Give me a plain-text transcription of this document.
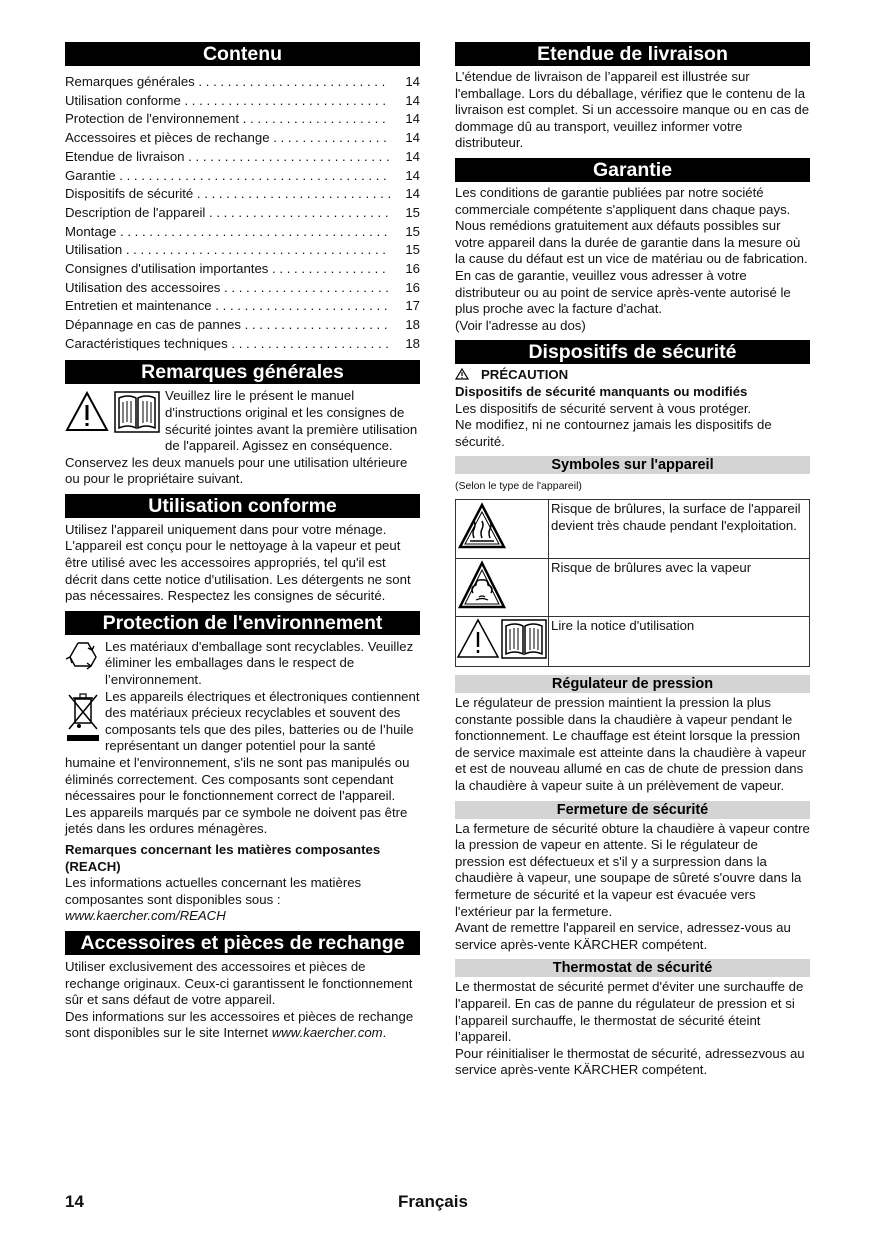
Contenu
Remarques générales . . .	14
Utilisation conforme . . .	14
Protection de l'environnement . . .	14
Accessoires et pièces de rechange . . .	14
Etendue de livraison . . .	14
Garantie . . .	14
Dispositifs de sécurité . . .	14
Description de l'appareil . . .	15
Montage . . .	15
Utilisation . . .	15
Consignes d'utilisation importantes . . .	16
Utilisation des accessoires . . .	16
Entretien et maintenance . . .	17
Dépannage en cas de pannes . . .	18
Caractéristiques techniques . . .	18
Remarques générales

Veuillez lire le présent le manuel d'instructions original et les consignes de sécurité jointes avant la première utilisation de l'appareil. Agissez en conséquence.

Conservez les deux manuels pour une utilisation ultérieure ou pour le propriétaire suivant.

Utilisation conforme

Utilisez l'appareil uniquement dans pour votre ménage. L'appareil est conçu pour le nettoyage à la vapeur et peut être utilisé avec les accessoires appropriés, tel qu'il est décrit dans cette notice d'utilisation. Les détergents ne sont pas nécessaires. Respectez les consignes de sécurité.

Protection de l'environnement

Les matériaux d'emballage sont recyclables. Veuillez éliminer les emballages dans le respect de l’environnement.

Les appareils électriques et électroniques contiennent des matériaux précieux recyclables et souvent des composants tels que des piles, batteries ou de l’huile représentant un danger potentiel pour la santé humaine et l'environnement, s'ils ne sont pas manipulés ou éliminés correctement. Ces composants sont cependant nécessaires pour le fonctionnement correct de l'appareil. Les appareils marqués par ce symbole ne doivent pas être jetés dans les ordures ménagères.

Remarques concernant les matières composantes (REACH)

Les informations actuelles concernant les matières composantes sont disponibles sous : www.kaercher.com/REACH

Accessoires et pièces de rechange

Utiliser exclusivement des accessoires et pièces de rechange originaux. Ceux-ci garantissent le fonctionnement sûr et sans défaut de votre appareil.

Des informations sur les accessoires et pièces de rechange sont disponibles sur le site Internet www.kaercher.com.

Etendue de livraison

L’étendue de livraison de l’appareil est illustrée sur l'emballage. Lors du déballage, vérifiez que le contenu de la livraison est complet. Si un accessoire manque ou en cas de dommage dû au transport, veuillez informer votre distributeur.

Garantie

Les conditions de garantie publiées par notre société commerciale compétente s'appliquent dans chaque pays. Nous remédions gratuitement aux défauts possibles sur votre appareil dans la durée de garantie dans la mesure où la cause du défaut est un vice de matériau ou de fabrication. En cas de garantie, veuillez vous adresser à votre distributeur ou au point de service après-vente autorisé le plus proche avec la facture d'achat.

(Voir l'adresse au dos)

Dispositifs de sécurité

PRÉCAUTION

Dispositifs de sécurité manquants ou modifiés

Les dispositifs de sécurité servent à vous protéger.

Ne modifiez, ni ne contournez jamais les dispositifs de sécurité.

Symboles sur l'appareil

(Selon le type de l'appareil)

	Risque de brûlures, la surface de l'appareil devient très chaude pendant l'exploitation.
	Risque de brûlures avec la vapeur
	Lire la notice d'utilisation
Régulateur de pression

Le régulateur de pression maintient la pression la plus constante possible dans la chaudière à vapeur pendant le fonctionnement. Le chauffage est éteint lorsque la pression de service maximale est atteinte dans la chaudière à vapeur et est de nouveau allumé en cas de chute de pression dans la chaudière à vapeur suite à un prélèvement de vapeur.

Fermeture de sécurité

La fermeture de sécurité obture la chaudière à vapeur contre la pression de vapeur en attente. Si le régulateur de pression est défectueux et s'il y a surpression dans la chaudière à vapeur, une soupape de sûreté s'ouvre dans la fermeture de sécurité et la vapeur est évacuée vers l'extérieur par la fermeture.

Avant de remettre l'appareil en service, adressez-vous au service après-vente KÄRCHER compétent.

Thermostat de sécurité

Le thermostat de sécurité permet d'éviter une surchauffe de l'appareil. En cas de panne du régulateur de pression et si l’appareil surchauffe, le thermostat de sécurité éteint l’appareil.

Pour réinitialiser le thermostat de sécurité, adressezvous au service après-vente KÄRCHER compétent.

14	Français
